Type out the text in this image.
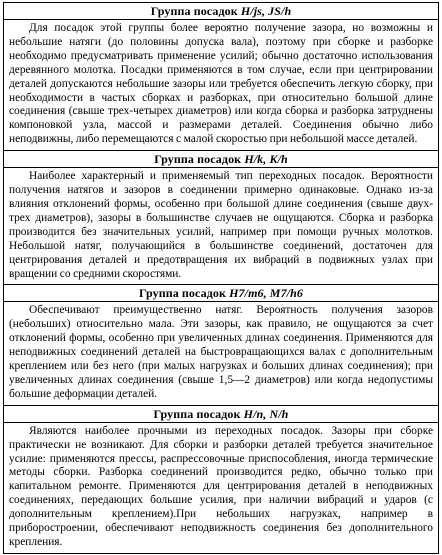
Группа посадок H/js, JS/h

Для посадок этой группы более вероятно получение зазора, но возможны и небольшие натяги (до половины допуска вала), поэтому при сборке и разборке необходимо предусматривать применение усилий; обычно достаточно использования деревянного молотка. Посадки применяются в том случае, если при центрировании деталей допускаются небольшие зазоры или требуется обеспечить легкую сборку, при необходимости в частых сборках и разборках, при относительно большой длине соединения (свыше трех-четырех диаметров) или когда сборка и разборка затруднены компоновкой узла, массой и размерами деталей. Соединения обычно либо неподвижны, либо перемещаются с малой скоростью при небольшой массе деталей.

Группа посадок H/k, K/h

Наиболее характерный и применяемый тип переходных посадок. Вероятности получения натягов и зазоров в соединении примерно одинаковые. Однако из-за влияния отклонений формы, особенно при большой длине соединения (свыше двух-трех диаметров), зазоры в большинстве случаев не ощущаются. Сборка и разборка производится без значительных усилий, например при помощи ручных молотков. Небольшой натяг, получающийся в большинстве соединений, достаточен для центрирования деталей и предотвращения их вибраций в подвижных узлах при вращении со средними скоростями.

Группа посадок H7/m6, M7/h6

Обеспечивают преимущественно натяг. Вероятность получения зазоров (небольших) относительно мала. Эти зазоры, как правило, не ощущаются за счет отклонений формы, особенно при увеличенных длинах соединения. Применяются для неподвижных соединений деталей на быстровращающихся валах с дополнительным креплением или без него (при малых нагрузках и больших длинах соединения); при увеличенных длинах соединения (свыше 1,5—2 диаметров) или когда недопустимы большие деформации деталей.

Группа посадок H/n, N/h

Являются наиболее прочными из переходных посадок. Зазоры при сборке практически не возникают. Для сборки и разборки деталей требуется значительное усилие: применяются прессы, распрессовочные приспособления, иногда термические методы сборки. Разборка соединений производится редко, обычно только при капитальном ремонте. Применяются для центрирования деталей в неподвижных соединениях, передающих большие усилия, при наличии вибраций и ударов (с дополнительным креплением).При небольших нагрузках, например в приборостроении, обеспечивают неподвижность соединения без дополнительного крепления.
